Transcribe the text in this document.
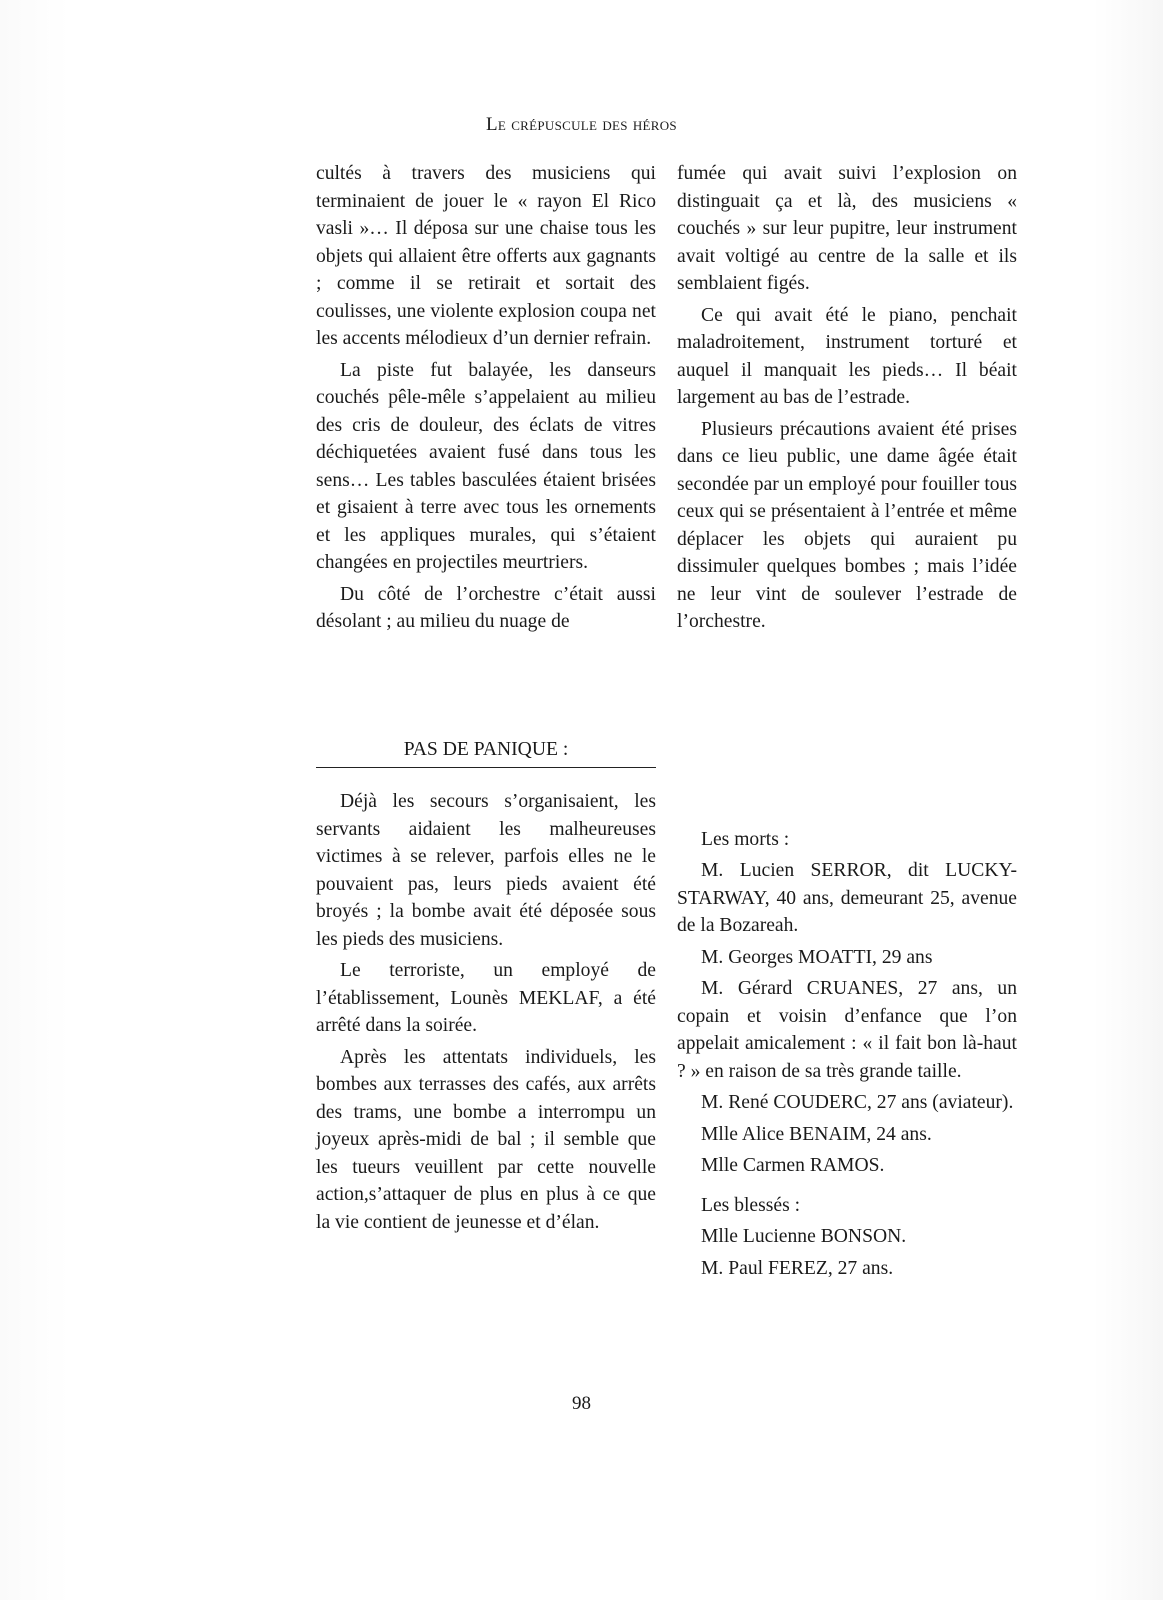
Le crépuscule des héros

cultés à travers des musiciens qui terminaient de jouer le « rayon El Rico vasli »… Il déposa sur une chaise tous les objets qui allaient être offerts aux gagnants ; comme il se retirait et sortait des coulisses, une violente explosion coupa net les accents mélodieux d’un dernier refrain.

La piste fut balayée, les danseurs couchés pêle-mêle s’appelaient au milieu des cris de douleur, des éclats de vitres déchiquetées avaient fusé dans tous les sens… Les tables basculées étaient brisées et gisaient à terre avec tous les ornements et les appliques murales, qui s’étaient changées en projectiles meurtriers.

Du côté de l’orchestre c’était aussi désolant ; au milieu du nuage de

PAS DE PANIQUE :

Déjà les secours s’organisaient, les servants aidaient les malheureuses victimes à se relever, parfois elles ne le pouvaient pas, leurs pieds avaient été broyés ; la bombe avait été déposée sous les pieds des musiciens.

Le terroriste, un employé de l’établissement, Lounès MEKLAF, a été arrêté dans la soirée.

Après les attentats individuels, les bombes aux terrasses des cafés, aux arrêts des trams, une bombe a interrompu un joyeux après-midi de bal ; il semble que les tueurs veuillent par cette nouvelle action,s’attaquer de plus en plus à ce que la vie contient de jeunesse et d’élan.

fumée qui avait suivi l’explosion on distinguait ça et là, des musiciens « couchés » sur leur pupitre, leur instrument avait voltigé au centre de la salle et ils semblaient figés.

Ce qui avait été le piano, penchait maladroitement, instrument torturé et auquel il manquait les pieds… Il béait largement au bas de l’estrade.

Plusieurs précautions avaient été prises dans ce lieu public, une dame âgée était secondée par un employé pour fouiller tous ceux qui se présentaient à l’entrée et même déplacer les objets qui auraient pu dissimuler quelques bombes ; mais l’idée ne leur vint de soulever l’estrade de l’orchestre.

Les morts :

M. Lucien SERROR, dit LUCKY-STARWAY, 40 ans, demeurant 25, avenue de la Bozareah.

M. Georges MOATTI, 29 ans

M. Gérard CRUANES, 27 ans, un copain et voisin d’enfance que l’on appelait amicalement : « il fait bon là-haut ? » en raison de sa très grande taille.

M. René COUDERC, 27 ans (aviateur).

Mlle Alice BENAIM, 24 ans.

Mlle Carmen RAMOS.

Les blessés :

Mlle Lucienne BONSON.

M. Paul FEREZ, 27 ans.

98
